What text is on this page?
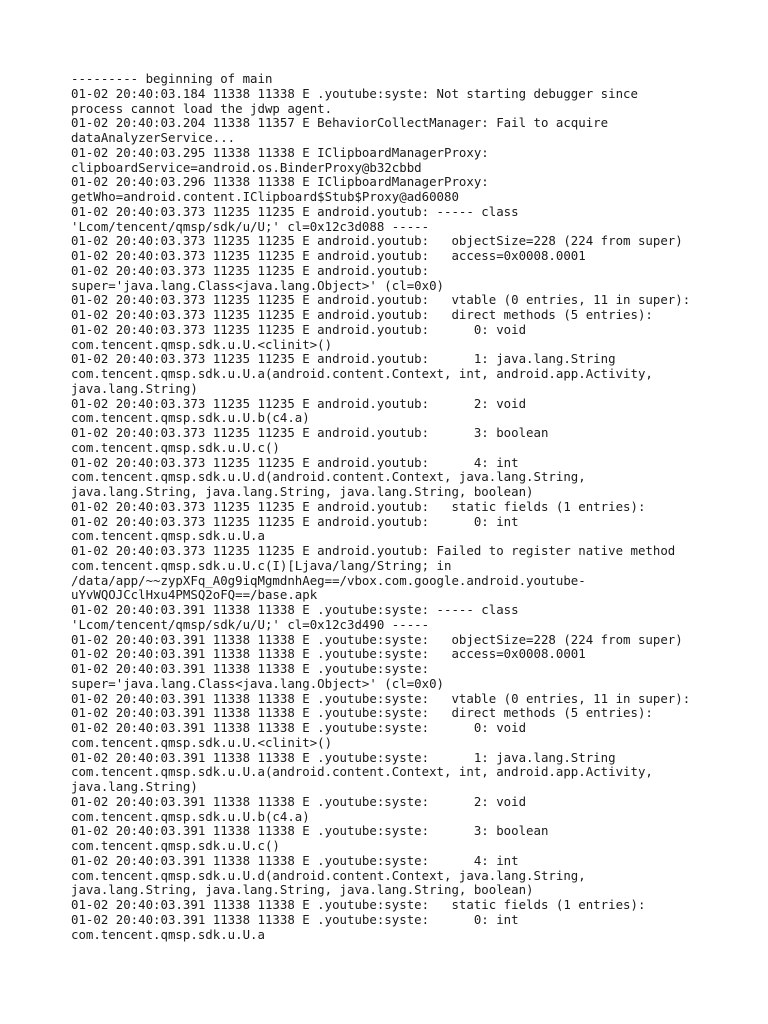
--------- beginning of main
01-02 20:40:03.184 11338 11338 E .youtube:syste: Not starting debugger since
process cannot load the jdwp agent.
01-02 20:40:03.204 11338 11357 E BehaviorCollectManager: Fail to acquire
dataAnalyzerService...
01-02 20:40:03.295 11338 11338 E IClipboardManagerProxy:
clipboardService=android.os.BinderProxy@b32cbbd
01-02 20:40:03.296 11338 11338 E IClipboardManagerProxy:
getWho=android.content.IClipboard$Stub$Proxy@ad60080
01-02 20:40:03.373 11235 11235 E android.youtub: ----- class
'Lcom/tencent/qmsp/sdk/u/U;' cl=0x12c3d088 -----
01-02 20:40:03.373 11235 11235 E android.youtub:   objectSize=228 (224 from super)
01-02 20:40:03.373 11235 11235 E android.youtub:   access=0x0008.0001
01-02 20:40:03.373 11235 11235 E android.youtub:
super='java.lang.Class<java.lang.Object>' (cl=0x0)
01-02 20:40:03.373 11235 11235 E android.youtub:   vtable (0 entries, 11 in super):
01-02 20:40:03.373 11235 11235 E android.youtub:   direct methods (5 entries):
01-02 20:40:03.373 11235 11235 E android.youtub:      0: void
com.tencent.qmsp.sdk.u.U.<clinit>()
01-02 20:40:03.373 11235 11235 E android.youtub:      1: java.lang.String
com.tencent.qmsp.sdk.u.U.a(android.content.Context, int, android.app.Activity,
java.lang.String)
01-02 20:40:03.373 11235 11235 E android.youtub:      2: void
com.tencent.qmsp.sdk.u.U.b(c4.a)
01-02 20:40:03.373 11235 11235 E android.youtub:      3: boolean
com.tencent.qmsp.sdk.u.U.c()
01-02 20:40:03.373 11235 11235 E android.youtub:      4: int
com.tencent.qmsp.sdk.u.U.d(android.content.Context, java.lang.String,
java.lang.String, java.lang.String, java.lang.String, boolean)
01-02 20:40:03.373 11235 11235 E android.youtub:   static fields (1 entries):
01-02 20:40:03.373 11235 11235 E android.youtub:      0: int
com.tencent.qmsp.sdk.u.U.a
01-02 20:40:03.373 11235 11235 E android.youtub: Failed to register native method
com.tencent.qmsp.sdk.u.U.c(I)[Ljava/lang/String; in
/data/app/~~zypXFq_A0g9iqMgmdnhAeg==/vbox.com.google.android.youtube-
uYvWQOJCclHxu4PMSQ2oFQ==/base.apk
01-02 20:40:03.391 11338 11338 E .youtube:syste: ----- class
'Lcom/tencent/qmsp/sdk/u/U;' cl=0x12c3d490 -----
01-02 20:40:03.391 11338 11338 E .youtube:syste:   objectSize=228 (224 from super)
01-02 20:40:03.391 11338 11338 E .youtube:syste:   access=0x0008.0001
01-02 20:40:03.391 11338 11338 E .youtube:syste:
super='java.lang.Class<java.lang.Object>' (cl=0x0)
01-02 20:40:03.391 11338 11338 E .youtube:syste:   vtable (0 entries, 11 in super):
01-02 20:40:03.391 11338 11338 E .youtube:syste:   direct methods (5 entries):
01-02 20:40:03.391 11338 11338 E .youtube:syste:      0: void
com.tencent.qmsp.sdk.u.U.<clinit>()
01-02 20:40:03.391 11338 11338 E .youtube:syste:      1: java.lang.String
com.tencent.qmsp.sdk.u.U.a(android.content.Context, int, android.app.Activity,
java.lang.String)
01-02 20:40:03.391 11338 11338 E .youtube:syste:      2: void
com.tencent.qmsp.sdk.u.U.b(c4.a)
01-02 20:40:03.391 11338 11338 E .youtube:syste:      3: boolean
com.tencent.qmsp.sdk.u.U.c()
01-02 20:40:03.391 11338 11338 E .youtube:syste:      4: int
com.tencent.qmsp.sdk.u.U.d(android.content.Context, java.lang.String,
java.lang.String, java.lang.String, java.lang.String, boolean)
01-02 20:40:03.391 11338 11338 E .youtube:syste:   static fields (1 entries):
01-02 20:40:03.391 11338 11338 E .youtube:syste:      0: int
com.tencent.qmsp.sdk.u.U.a
